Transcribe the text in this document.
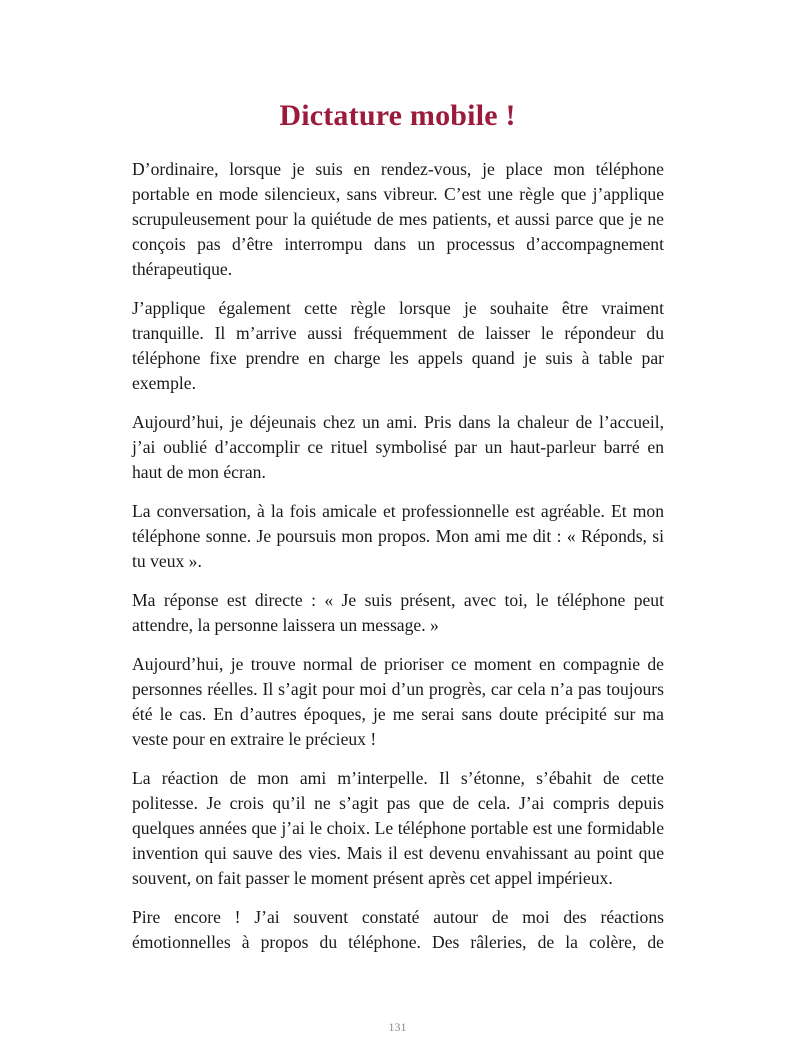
Dictature mobile !

D’ordinaire, lorsque je suis en rendez-vous, je place mon téléphone portable en mode silencieux, sans vibreur. C’est une règle que j’applique scrupuleusement pour la quiétude de mes patients, et aussi parce que je ne conçois pas d’être interrompu dans un processus d’accompagnement thérapeutique.

J’applique également cette règle lorsque je souhaite être vraiment tranquille. Il m’arrive aussi fréquemment de laisser le répondeur du téléphone fixe prendre en charge les appels quand je suis à table par exemple.

Aujourd’hui, je déjeunais chez un ami. Pris dans la chaleur de l’accueil, j’ai oublié d’accomplir ce rituel symbolisé par un haut-parleur barré en haut de mon écran.

La conversation, à la fois amicale et professionnelle est agréable. Et mon téléphone sonne. Je poursuis mon propos. Mon ami me dit : « Réponds, si tu veux ».

Ma réponse est directe : « Je suis présent, avec toi, le téléphone peut attendre, la personne laissera un message. »

Aujourd’hui, je trouve normal de prioriser ce moment en compagnie de personnes réelles. Il s’agit pour moi d’un progrès, car cela n’a pas toujours été le cas. En d’autres époques, je me serai sans doute précipité sur ma veste pour en extraire le précieux !

La réaction de mon ami m’interpelle. Il s’étonne, s’ébahit de cette politesse. Je crois qu’il ne s’agit pas que de cela. J’ai compris depuis quelques années que j’ai le choix. Le téléphone portable est une formidable invention qui sauve des vies. Mais il est devenu envahissant au point que souvent, on fait passer le moment présent après cet appel impérieux.

Pire encore ! J’ai souvent constaté autour de moi des réactions émotionnelles à propos du téléphone. Des râleries, de la colère, de

131
